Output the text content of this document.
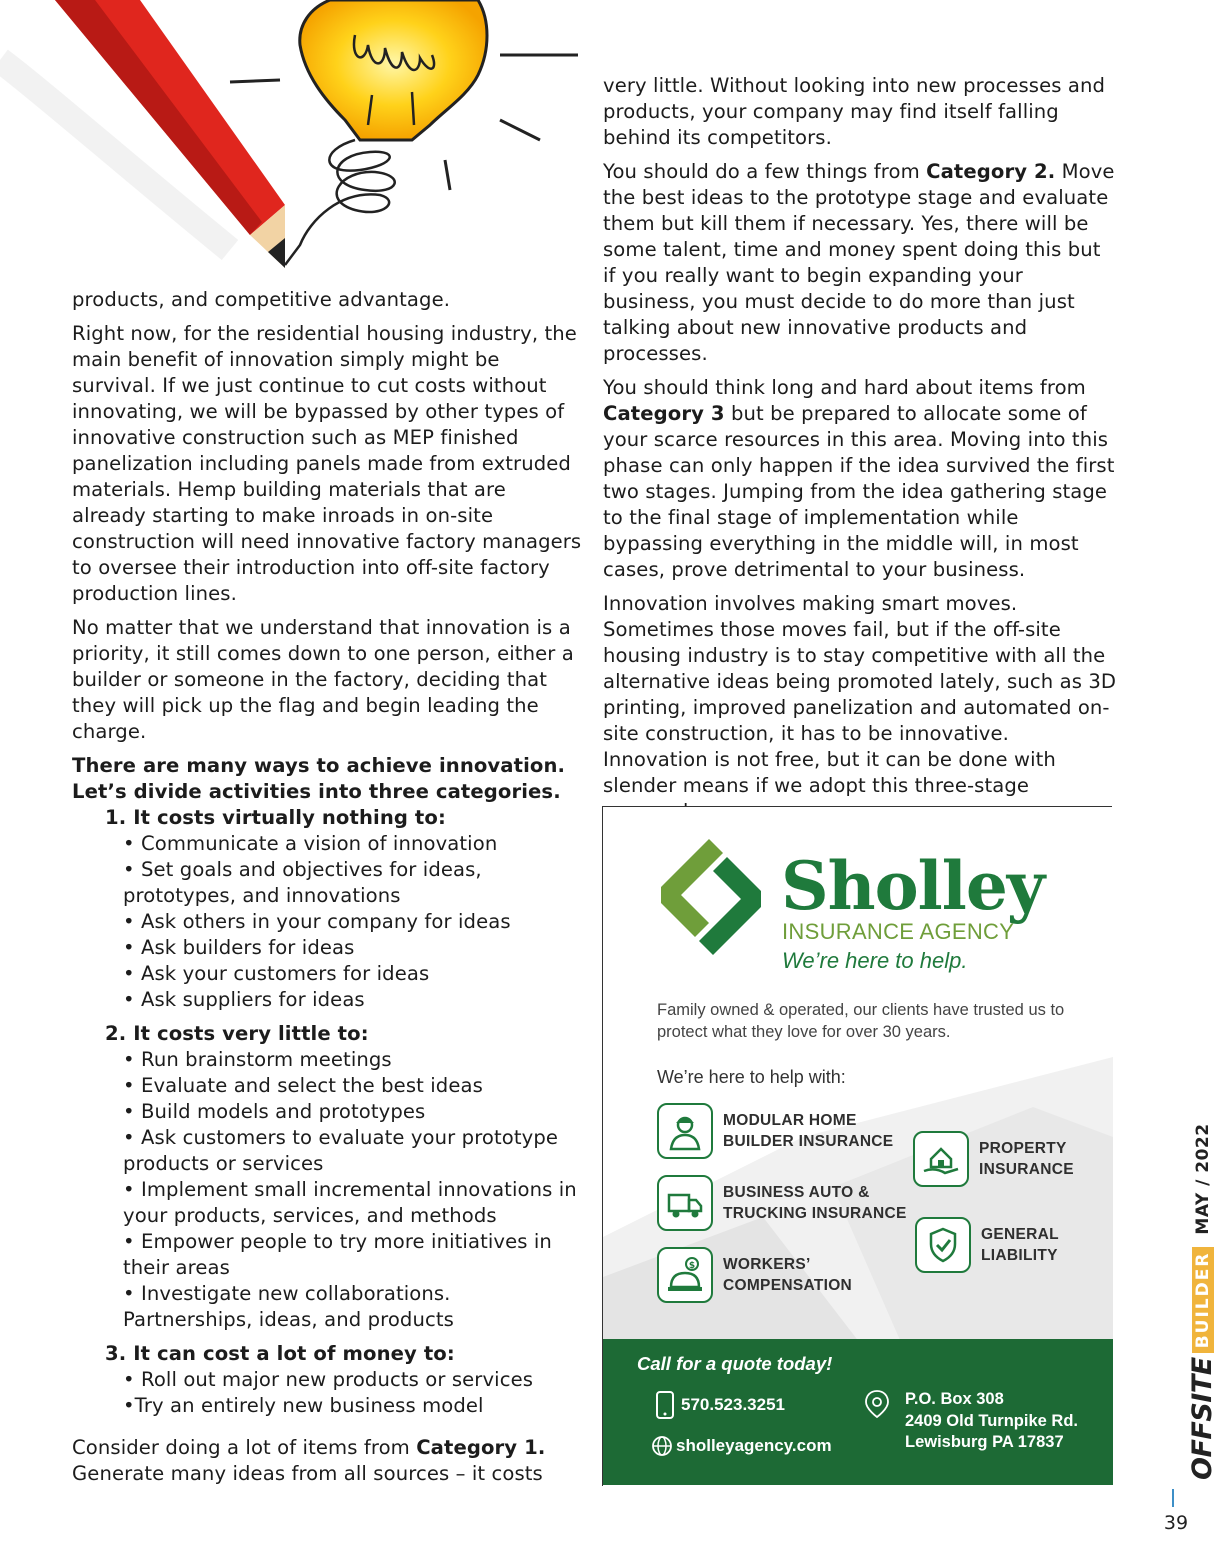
products, and competitive advantage.

Right now, for the residential housing industry, the main benefit of innovation simply might be survival. If we just continue to cut costs without innovating, we will be bypassed by other types of innovative construction such as MEP finished panelization including panels made from extruded materials. Hemp building materials that are already starting to make inroads in on-site construction will need innovative factory managers to oversee their introduction into off-site factory production lines.

No matter that we understand that innovation is a priority, it still comes down to one person, either a builder or someone in the factory, deciding that they will pick up the flag and begin leading the charge.

There are many ways to achieve innovation. Let’s divide activities into three categories.

1. It costs virtually nothing to:
• Communicate a vision of innovation
• Set goals and objectives for ideas, prototypes, and innovations
• Ask others in your company for ideas
• Ask builders for ideas
• Ask your customers for ideas
• Ask suppliers for ideas
2. It costs very little to:
• Run brainstorm meetings
• Evaluate and select the best ideas
• Build models and prototypes
• Ask customers to evaluate your prototype products or services
• Implement small incremental innovations in your products, services, and methods
• Empower people to try more initiatives in their areas
• Investigate new collaborations. Partnerships, ideas, and products
3. It can cost a lot of money to:
• Roll out major new products or services
•Try an entirely new business model

Consider doing a lot of items from Category 1. Generate many ideas from all sources – it costs

very little. Without looking into new processes and products, your company may find itself falling behind its competitors.

You should do a few things from Category 2. Move the best ideas to the prototype stage and evaluate them but kill them if necessary. Yes, there will be some talent, time and money spent doing this but if you really want to begin expanding your business, you must decide to do more than just talking about new innovative products and processes.

You should think long and hard about items from Category 3 but be prepared to allocate some of your scarce resources in this area. Moving into this phase can only happen if the idea survived the first two stages. Jumping from the idea gathering stage to the final stage of implementation while bypassing everything in the middle will, in most cases, prove detrimental to your business.

Innovation involves making smart moves. Sometimes those moves fail, but if the off-site housing industry is to stay competitive with all the alternative ideas being promoted lately, such as 3D printing, improved panelization and automated on-site construction, it has to be innovative. Innovation is not free, but it can be done with slender means if we adopt this three-stage

Sholley
INSURANCE AGENCY
We’re here to help.
Family owned & operated, our clients have trusted us to protect what they love for over 30 years.
We’re here to help with:
MODULAR HOME
BUILDER INSURANCE
BUSINESS AUTO &
TRUCKING INSURANCE
$ WORKERS’
COMPENSATION
PROPERTY
INSURANCE
GENERAL
LIABILITY
Call for a quote today!
570.523.3251
sholleyagency.com
P.O. Box 308
2409 Old Turnpike Rd.
Lewisburg PA 17837	OFFSITE
BUILDER
MAY / 2022
39
